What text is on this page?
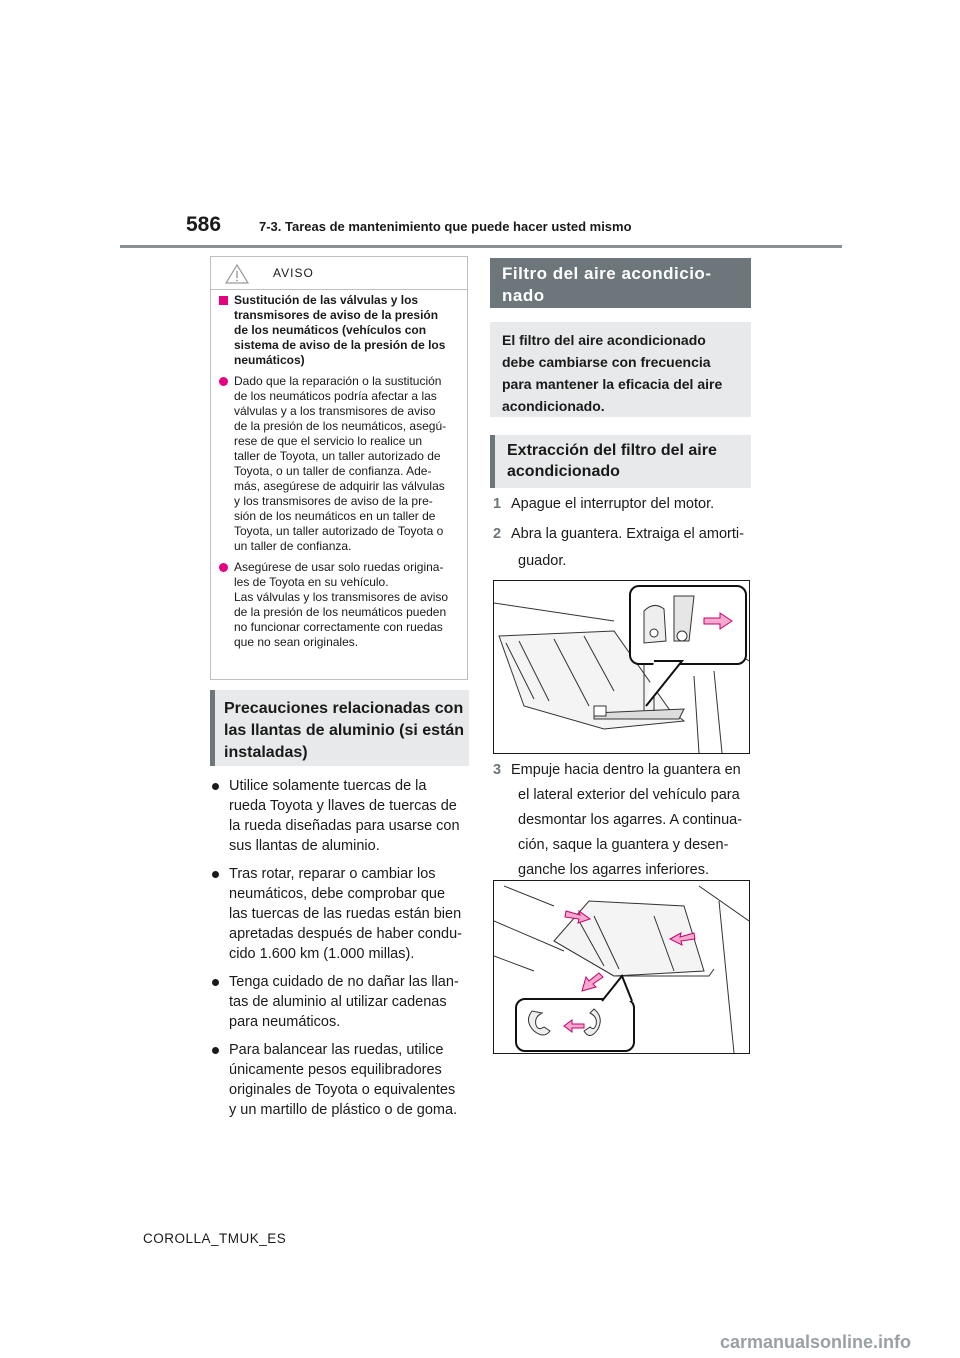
586	7-3. Tareas de mantenimiento que puede hacer usted mismo
AVISO
Sustitución de las válvulas y los
transmisores de aviso de la presión
de los neumáticos (vehículos con
sistema de aviso de la presión de los
neumáticos)
Dado que la reparación o la sustitución
de los neumáticos podría afectar a las
válvulas y a los transmisores de aviso
de la presión de los neumáticos, asegú-
rese de que el servicio lo realice un
taller de Toyota, un taller autorizado de
Toyota, o un taller de confianza. Ade-
más, asegúrese de adquirir las válvulas
y los transmisores de aviso de la pre-
sión de los neumáticos en un taller de
Toyota, un taller autorizado de Toyota o
un taller de confianza.
Asegúrese de usar solo ruedas origina-
les de Toyota en su vehículo.
Las válvulas y los transmisores de aviso
de la presión de los neumáticos pueden
no funcionar correctamente con ruedas
que no sean originales.
Precauciones relacionadas con
las llantas de aluminio (si están
instaladas)
Utilice solamente tuercas de la
rueda Toyota y llaves de tuercas de
la rueda diseñadas para usarse con
sus llantas de aluminio.
Tras rotar, reparar o cambiar los
neumáticos, debe comprobar que
las tuercas de las ruedas están bien
apretadas después de haber condu-
cido 1.600 km (1.000 millas).
Tenga cuidado de no dañar las llan-
tas de aluminio al utilizar cadenas
para neumáticos.
Para balancear las ruedas, utilice
únicamente pesos equilibradores
originales de Toyota o equivalentes
y un martillo de plástico o de goma.
Filtro del aire acondicio-
nado
El filtro del aire acondicionado
debe cambiarse con frecuencia
para mantener la eficacia del aire
acondicionado.
Extracción del filtro del aire
acondicionado
1 Apague el interruptor del motor.
2 Abra la guantera. Extraiga el amorti-
guador.
3 Empuje hacia dentro la guantera en
el lateral exterior del vehículo para
desmontar los agarres. A continua-
ción, saque la guantera y desen-
ganche los agarres inferiores.
COROLLA_TMUK_ES
carmanualsonline.info
